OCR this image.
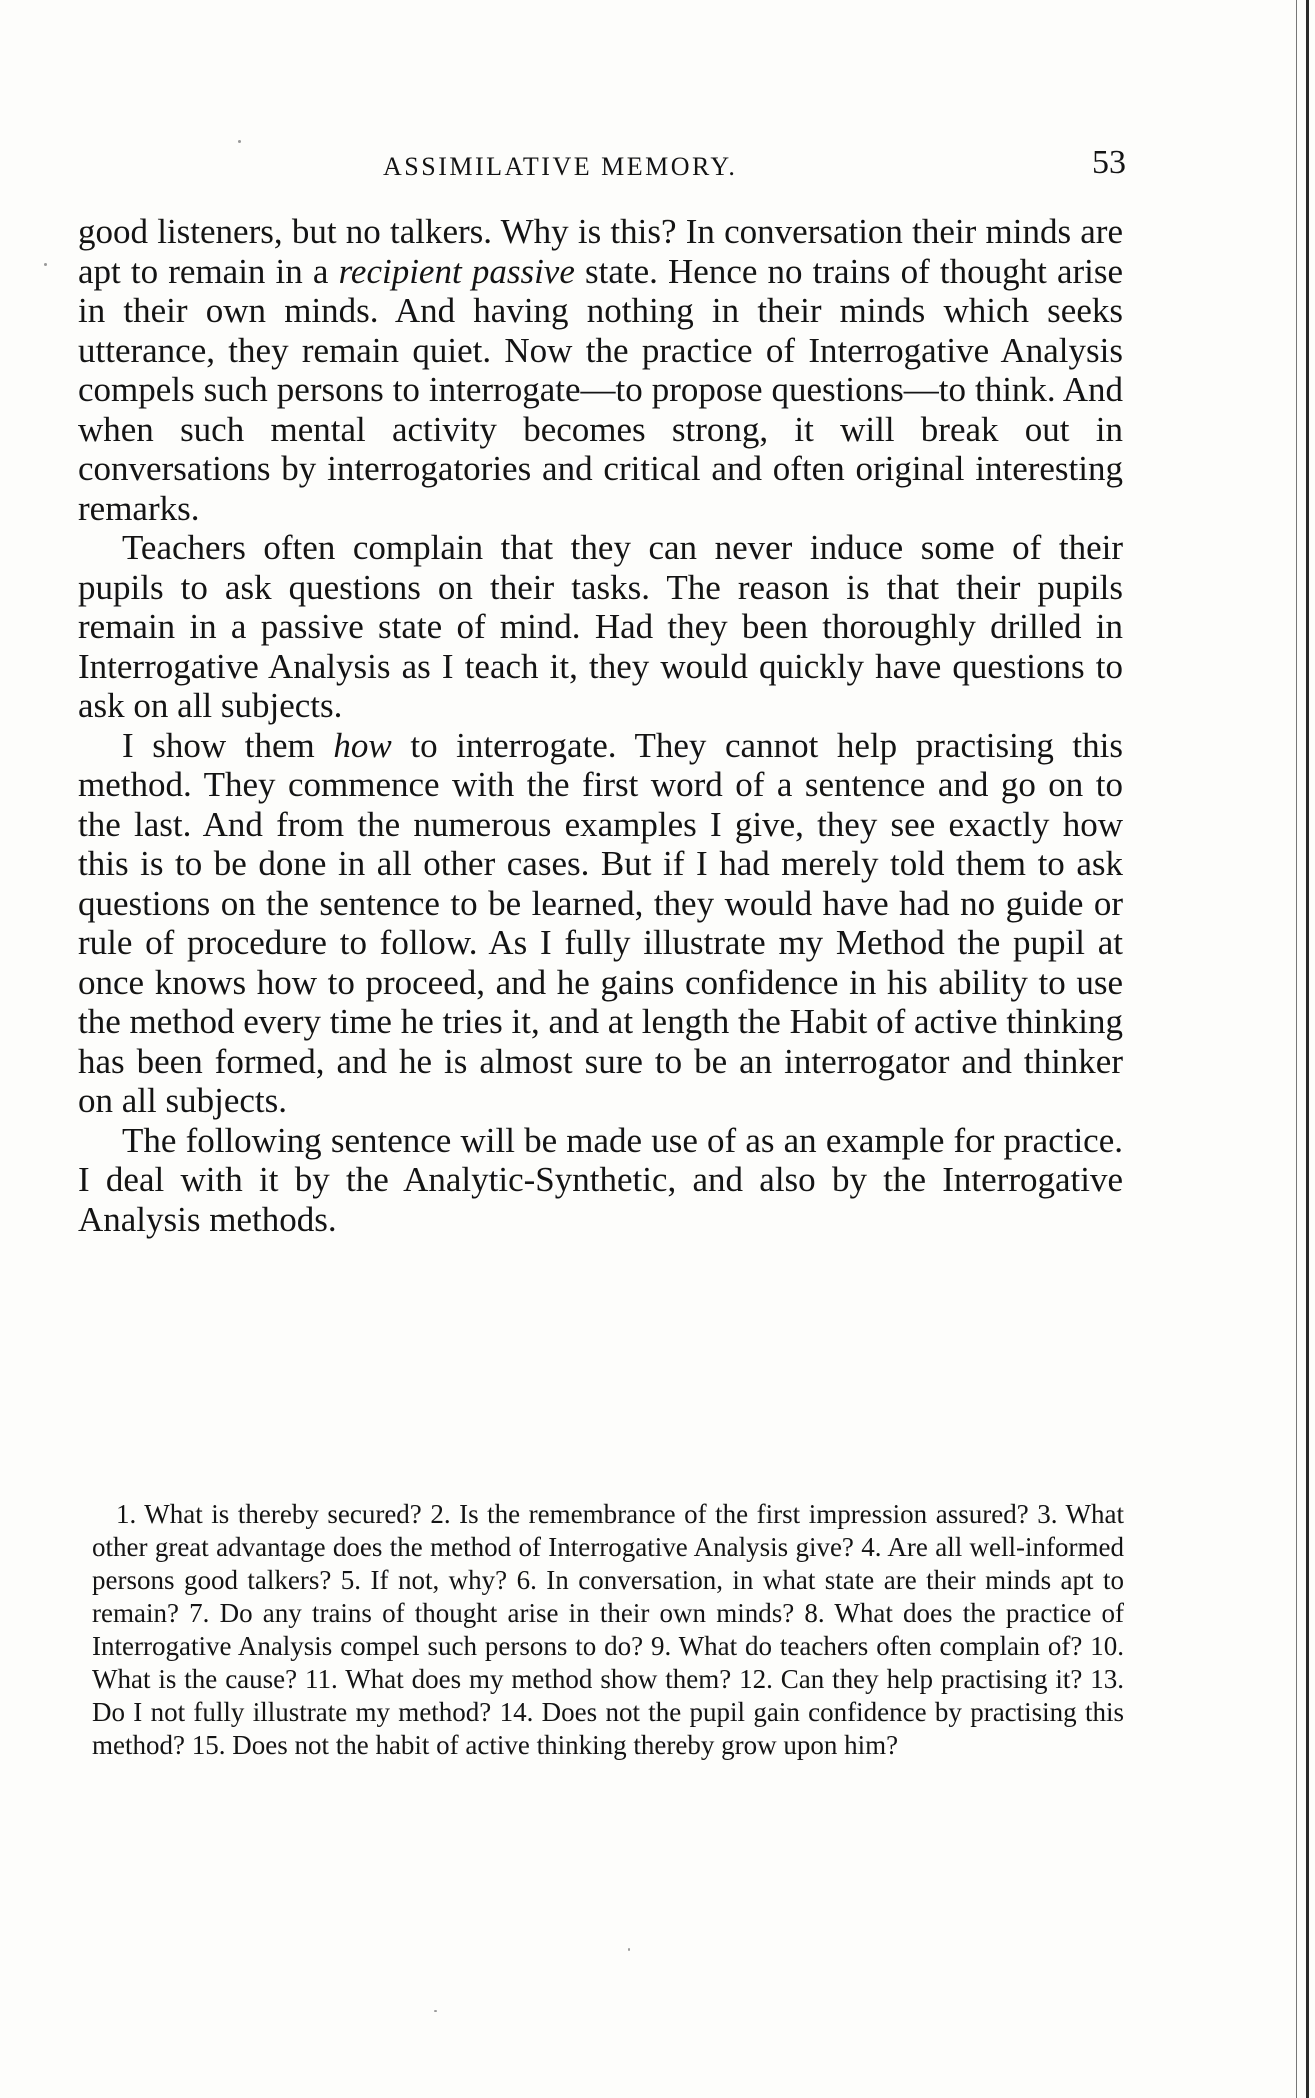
ASSIMILATIVE MEMORY.	53

good listeners, but no talkers. Why is this? In conversation their minds are apt to remain in a recipient passive state. Hence no trains of thought arise in their own minds. And having nothing in their minds which seeks utterance, they remain quiet. Now the practice of Interrogative Analysis compels such persons to interrogate—to propose questions—to think. And when such mental activity becomes strong, it will break out in conversations by interrogatories and critical and often original interesting remarks.

Teachers often complain that they can never induce some of their pupils to ask questions on their tasks. The reason is that their pupils remain in a passive state of mind. Had they been thoroughly drilled in Interrogative Analysis as I teach it, they would quickly have questions to ask on all subjects.

I show them how to interrogate. They cannot help practising this method. They commence with the first word of a sentence and go on to the last. And from the numerous examples I give, they see exactly how this is to be done in all other cases. But if I had merely told them to ask questions on the sentence to be learned, they would have had no guide or rule of procedure to follow. As I fully illustrate my Method the pupil at once knows how to proceed, and he gains confidence in his ability to use the method every time he tries it, and at length the Habit of active thinking has been formed, and he is almost sure to be an interrogator and thinker on all subjects.

The following sentence will be made use of as an example for practice. I deal with it by the Analytic-Synthetic, and also by the Interrogative Analysis methods.

1. What is thereby secured? 2. Is the remembrance of the first impression assured? 3. What other great advantage does the method of Interrogative Analysis give? 4. Are all well-informed persons good talkers? 5. If not, why? 6. In conversation, in what state are their minds apt to remain? 7. Do any trains of thought arise in their own minds? 8. What does the practice of Interrogative Analysis compel such persons to do? 9. What do teachers often complain of? 10. What is the cause? 11. What does my method show them? 12. Can they help practising it? 13. Do I not fully illustrate my method? 14. Does not the pupil gain confidence by practising this method? 15. Does not the habit of active thinking thereby grow upon him?
